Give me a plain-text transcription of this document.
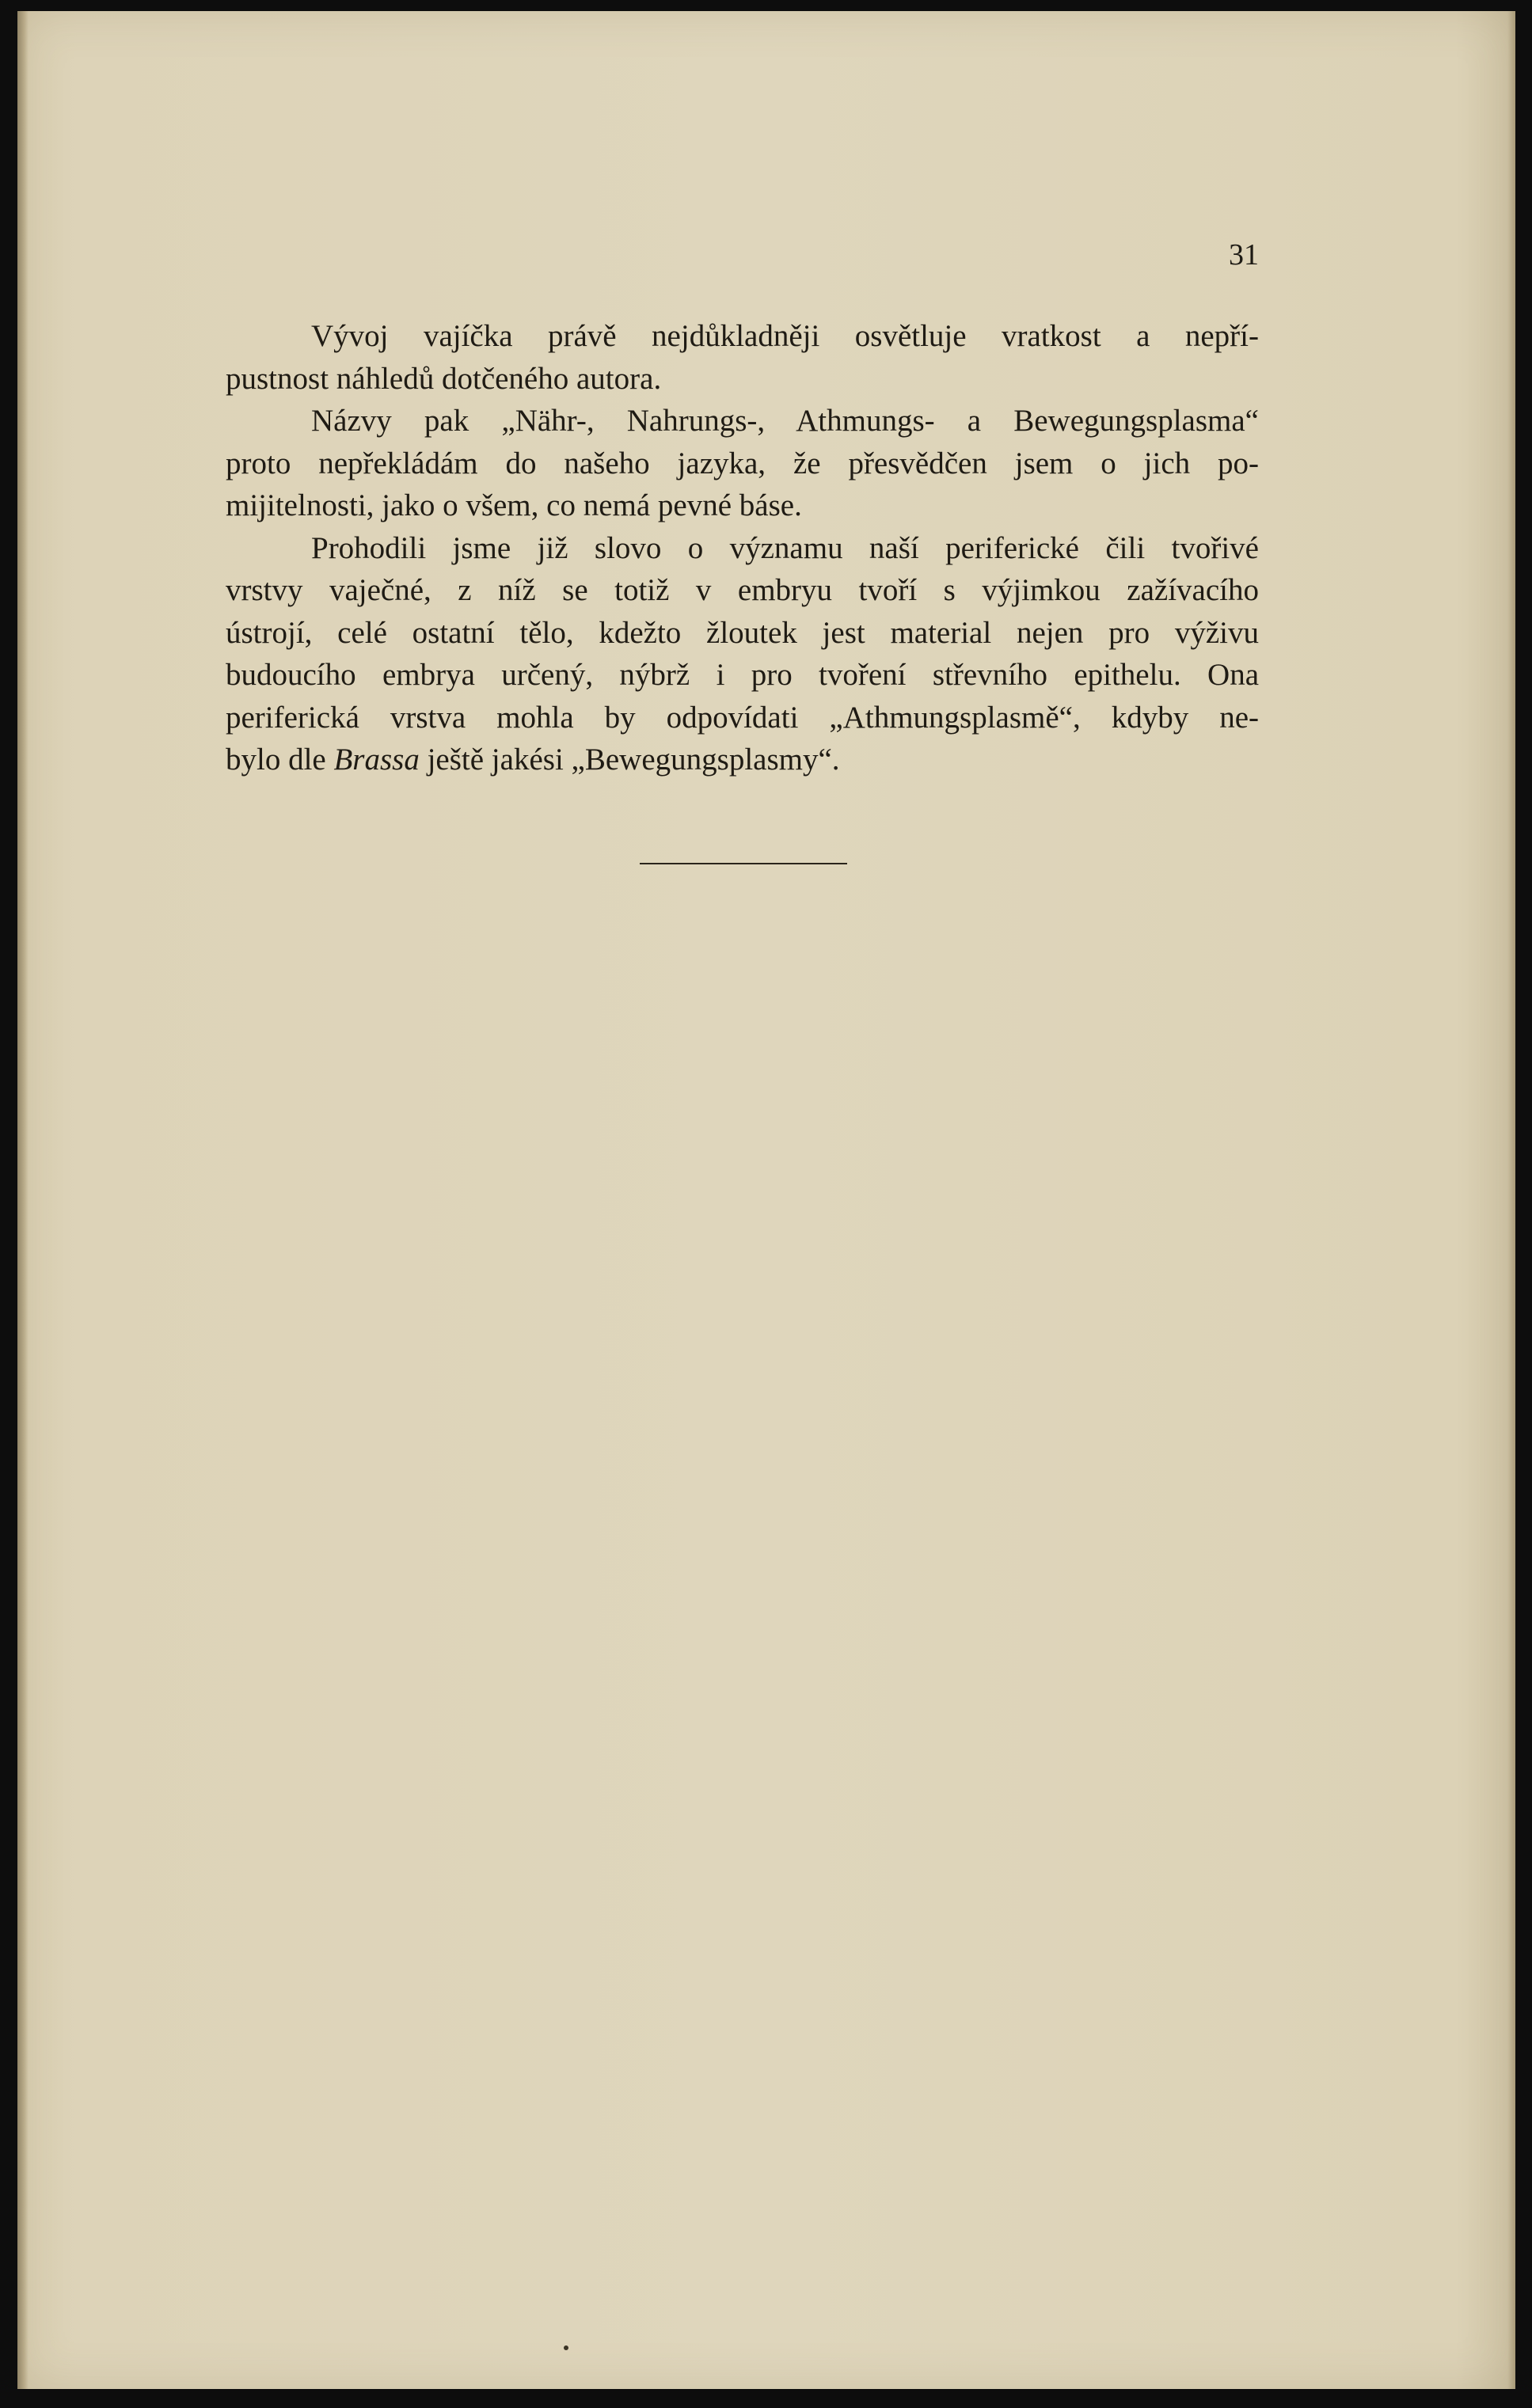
31
Vývoj vajíčka právě nejdůkladněji osvětluje vratkost a nepří-
pustnost náhledů dotčeného autora.
Názvy pak „Nähr-, Nahrungs-, Athmungs- a Bewegungsplasma“
proto nepřekládám do našeho jazyka, že přesvědčen jsem o jich po-
mijitelnosti, jako o všem, co nemá pevné báse.
Prohodili jsme již slovo o významu naší periferické čili tvořivé
vrstvy vaječné, z níž se totiž v embryu tvoří s výjimkou zažívacího
ústrojí, celé ostatní tělo, kdežto žloutek jest material nejen pro výživu
budoucího embrya určený, nýbrž i pro tvoření střevního epithelu. Ona
periferická vrstva mohla by odpovídati „Athmungsplasmě“, kdyby ne-
bylo dle Brassa ještě jakési „Bewegungsplasmy“.
